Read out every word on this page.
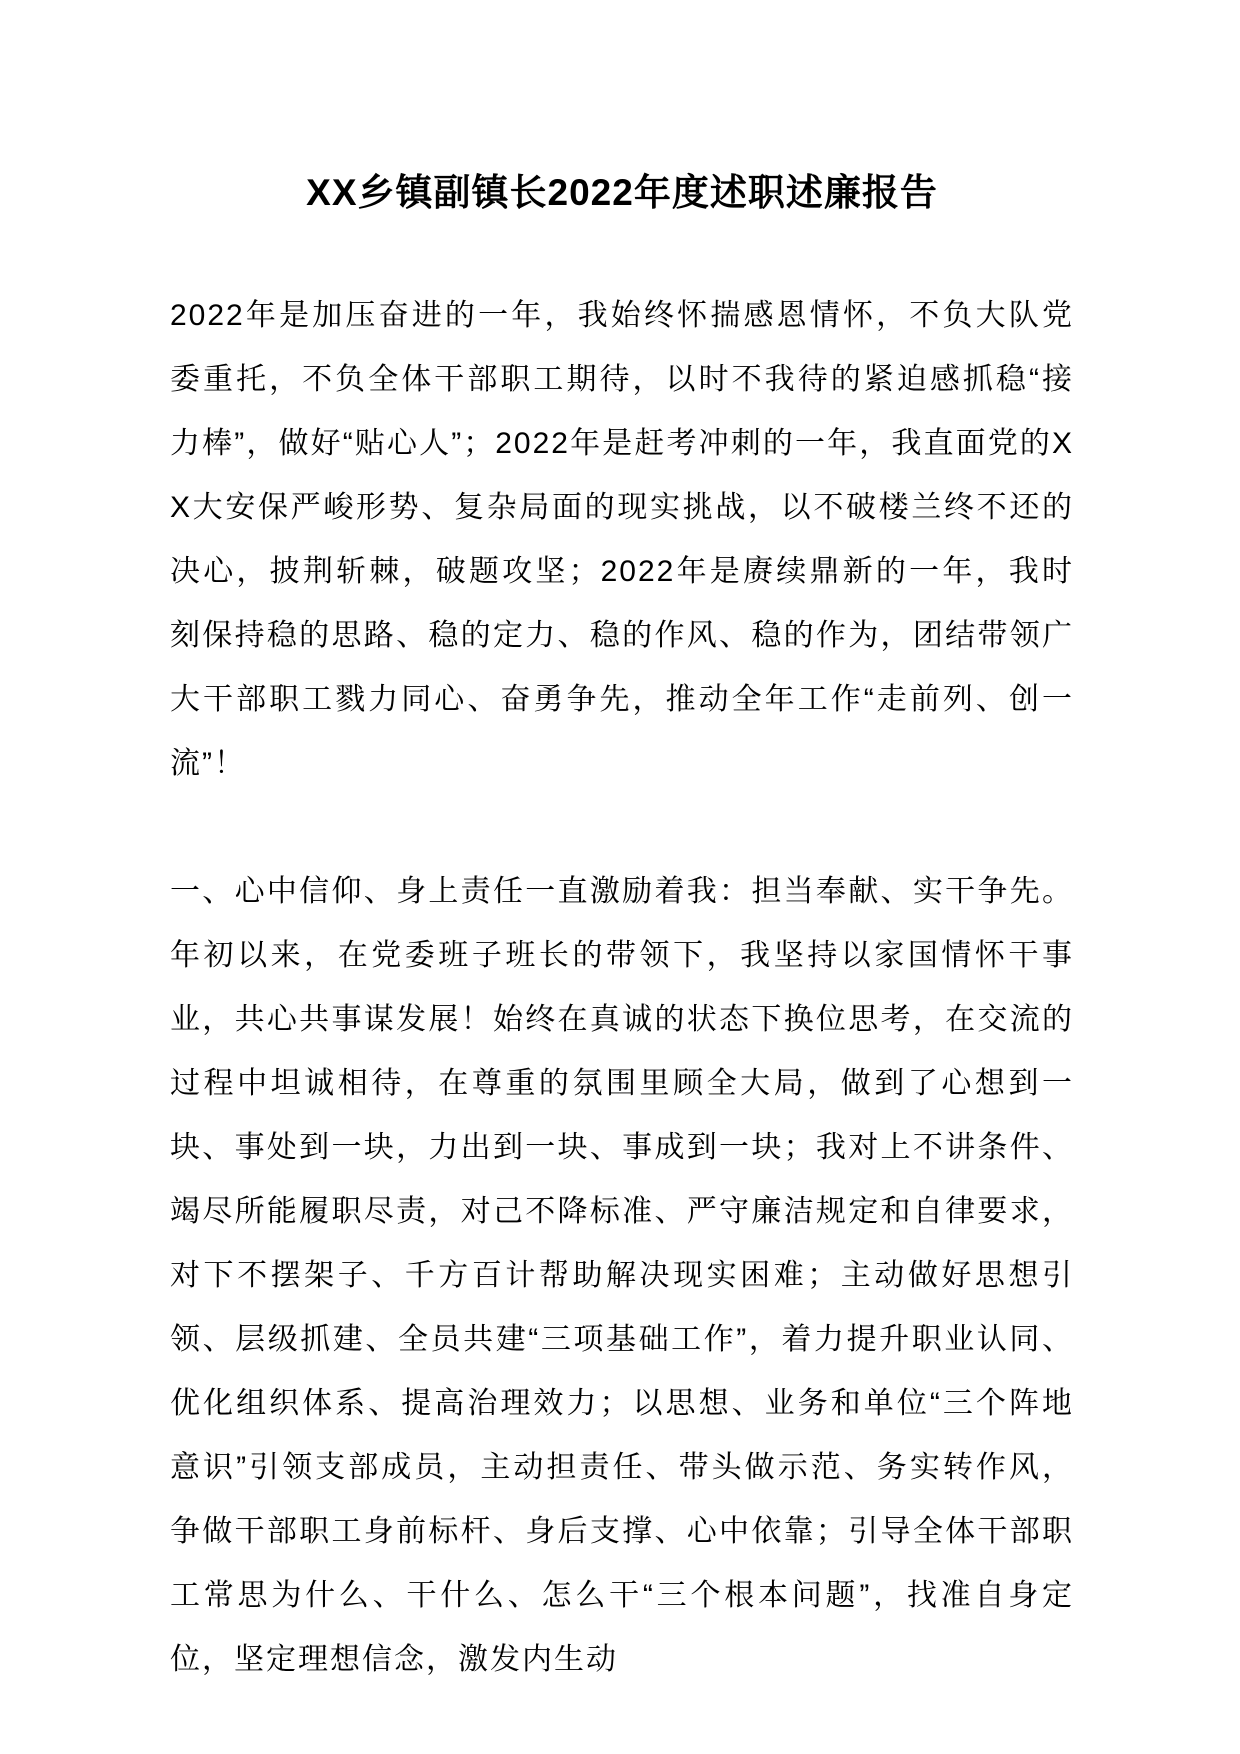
XX乡镇副镇长2022年度述职述廉报告

2022年是加压奋进的一年，我始终怀揣感恩情怀，不负大队党委重托，不负全体干部职工期待，以时不我待的紧迫感抓稳“接力棒”，做好“贴心人”；2022年是赶考冲刺的一年，我直面党的XX大安保严峻形势、复杂局面的现实挑战，以不破楼兰终不还的决心，披荆斩棘，破题攻坚；2022年是赓续鼎新的一年，我时刻保持稳的思路、稳的定力、稳的作风、稳的作为，团结带领广大干部职工戮力同心、奋勇争先，推动全年工作“走前列、创一流”！

一、心中信仰、身上责任一直激励着我：担当奉献、实干争先。年初以来，在党委班子班长的带领下，我坚持以家国情怀干事业，共心共事谋发展！始终在真诚的状态下换位思考，在交流的过程中坦诚相待，在尊重的氛围里顾全大局，做到了心想到一块、事处到一块，力出到一块、事成到一块；我对上不讲条件、竭尽所能履职尽责，对己不降标准、严守廉洁规定和自律要求，对下不摆架子、千方百计帮助解决现实困难；主动做好思想引领、层级抓建、全员共建“三项基础工作”，着力提升职业认同、优化组织体系、提高治理效力；以思想、业务和单位“三个阵地意识”引领支部成员，主动担责任、带头做示范、务实转作风，争做干部职工身前标杆、身后支撑、心中依靠；引导全体干部职工常思为什么、干什么、怎么干“三个根本问题”，找准自身定位，坚定理想信念，激发内生动
